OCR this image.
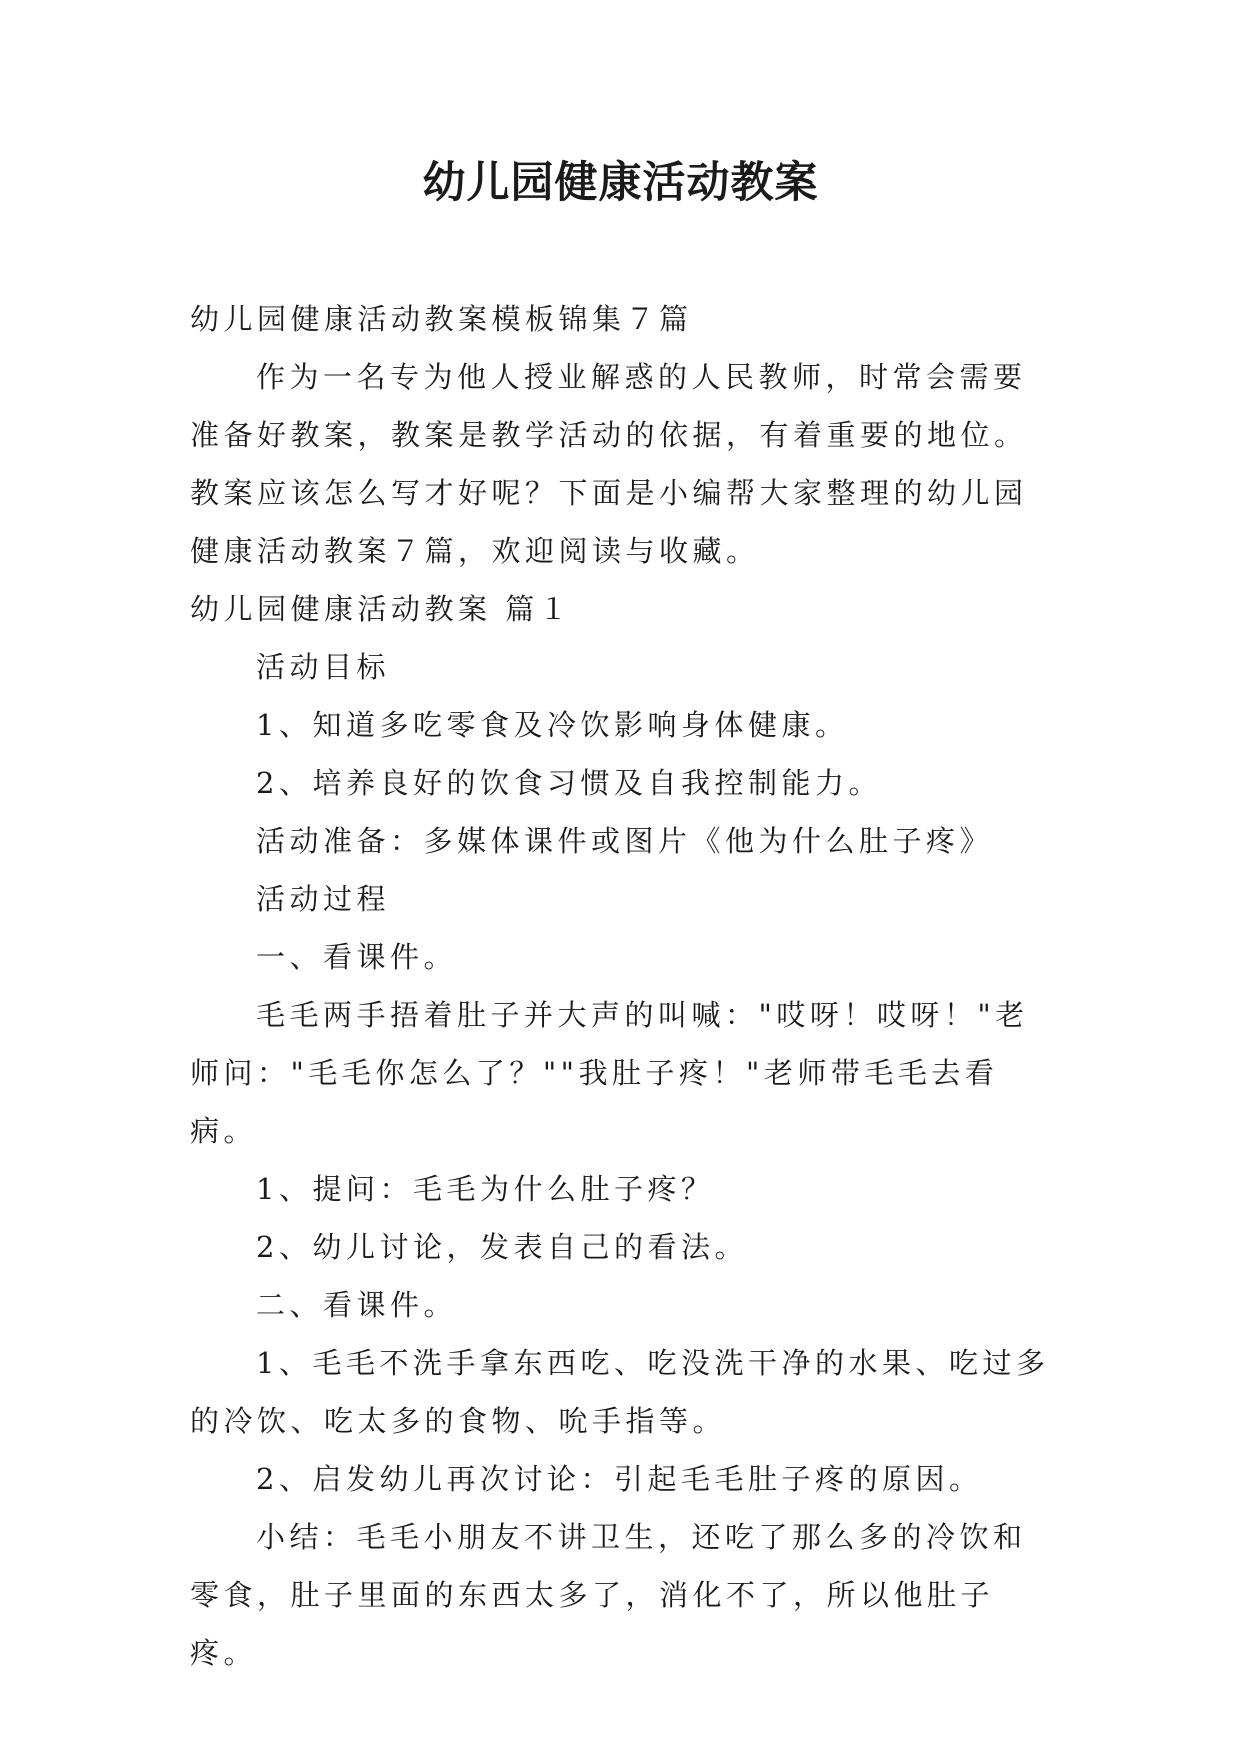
幼儿园健康活动教案

幼儿园健康活动教案模板锦集７篇

作为一名专为他人授业解惑的人民教师，时常会需要准备好教案，教案是教学活动的依据，有着重要的地位。教案应该怎么写才好呢？下面是小编帮大家整理的幼儿园健康活动教案７篇，欢迎阅读与收藏。

幼儿园健康活动教案 篇１

活动目标

1、知道多吃零食及冷饮影响身体健康。

2、培养良好的饮食习惯及自我控制能力。

活动准备：多媒体课件或图片《他为什么肚子疼》

活动过程

一、看课件。

毛毛两手捂着肚子并大声的叫喊："哎呀！哎呀！"老师问："毛毛你怎么了？""我肚子疼！"老师带毛毛去看病。

1、提问：毛毛为什么肚子疼？

2、幼儿讨论，发表自己的看法。

二、看课件。

1、毛毛不洗手拿东西吃、吃没洗干净的水果、吃过多的冷饮、吃太多的食物、吮手指等。

2、启发幼儿再次讨论：引起毛毛肚子疼的原因。

小结：毛毛小朋友不讲卫生，还吃了那么多的冷饮和零食，肚子里面的东西太多了，消化不了，所以他肚子疼。
